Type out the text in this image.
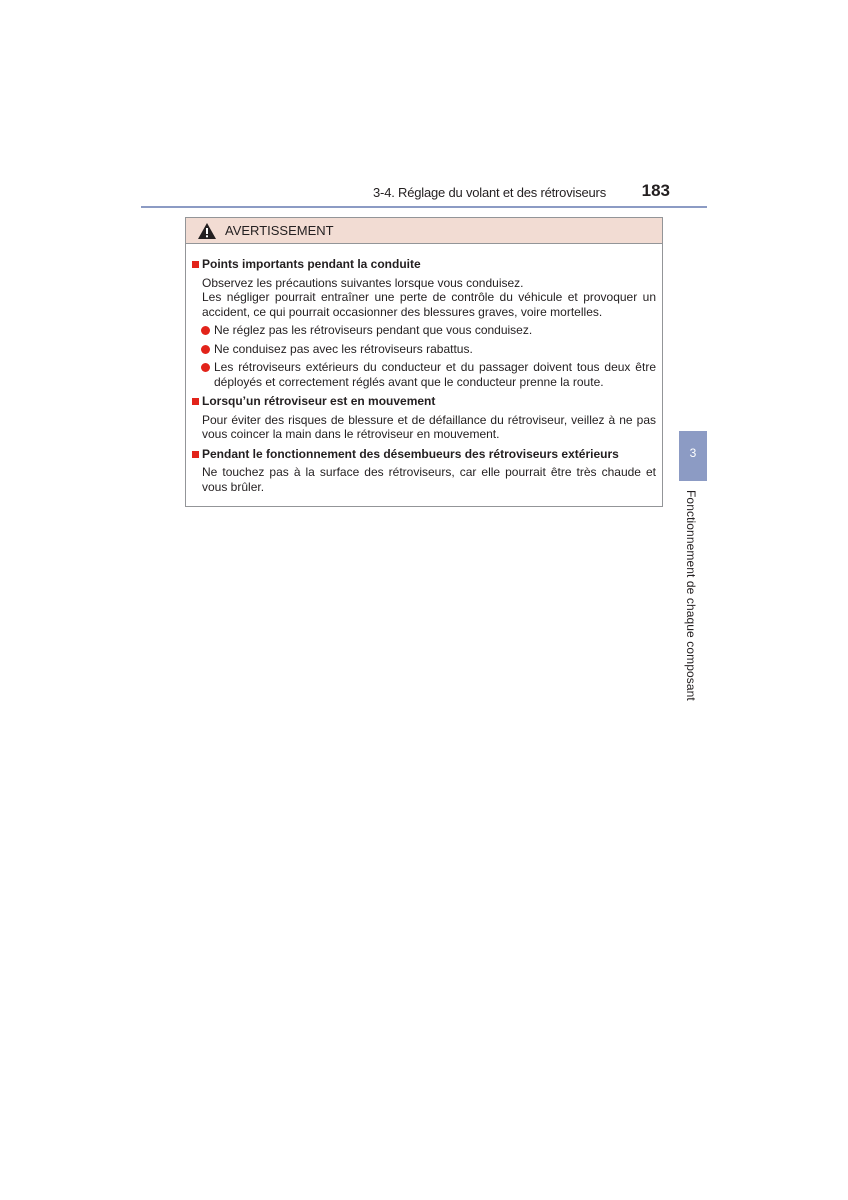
3-4. Réglage du volant et des rétroviseurs	183
AVERTISSEMENT
Points importants pendant la conduite
Observez les précautions suivantes lorsque vous conduisez.
Les négliger pourrait entraîner une perte de contrôle du véhicule et provoquer un accident, ce qui pourrait occasionner des blessures graves, voire mortelles.
Ne réglez pas les rétroviseurs pendant que vous conduisez.
Ne conduisez pas avec les rétroviseurs rabattus.
Les rétroviseurs extérieurs du conducteur et du passager doivent tous deux être déployés et correctement réglés avant que le conducteur prenne la route.
Lorsqu’un rétroviseur est en mouvement
Pour éviter des risques de blessure et de défaillance du rétroviseur, veillez à ne pas vous coincer la main dans le rétroviseur en mouvement.
Pendant le fonctionnement des désembueurs des rétroviseurs extérieurs
Ne touchez pas à la surface des rétroviseurs, car elle pourrait être très chaude et vous brûler.
3
Fonctionnement de chaque composant
